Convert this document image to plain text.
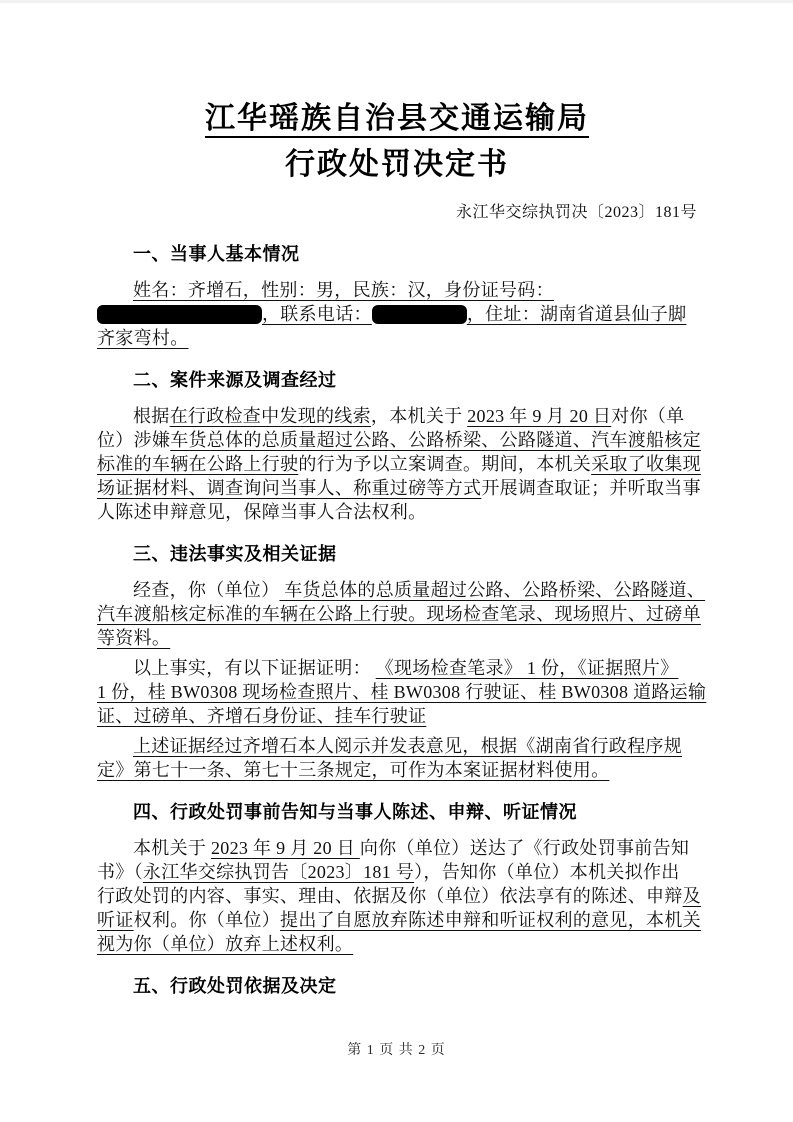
江华瑶族自治县交通运输局
行政处罚决定书
永江华交综执罚决〔2023〕181号
一、当事人基本情况
姓名：齐增石，性别：男，民族：汉，身份证号码：
，联系电话：	，住址：湖南省道县仙子脚
齐家弯村。
二、案件来源及调查经过
根据在行政检查中发现的线索，本机关于 2023 年 9 月 20 日对你（单
位）涉嫌车货总体的总质量超过公路、公路桥梁、公路隧道、汽车渡船核定
标准的车辆在公路上行驶的行为予以立案调查。期间，本机关采取了收集现
场证据材料、调查询问当事人、称重过磅等方式开展调查取证；并听取当事
人陈述申辩意见，保障当事人合法权利。
三、违法事实及相关证据
经查，你（单位） 车货总体的总质量超过公路、公路桥梁、公路隧道、
汽车渡船核定标准的车辆在公路上行驶。现场检查笔录、现场照片、过磅单
等资料。
以上事实，有以下证据证明： 《现场检查笔录》 1 份，《证据照片》
1 份，桂 BW0308 现场检查照片、桂 BW0308 行驶证、桂 BW0308 道路运输
证、过磅单、齐增石身份证、挂车行驶证
上述证据经过齐增石本人阅示并发表意见，根据《湖南省行政程序规
定》第七十一条、第七十三条规定，可作为本案证据材料使用。
四、行政处罚事前告知与当事人陈述、申辩、听证情况
本机关于 2023 年 9 月 20 日 向你（单位）送达了《行政处罚事前告知
书》（永江华交综执罚告〔2023〕181 号），告知你（单位）本机关拟作出
行政处罚的内容、事实、理由、依据及你（单位）依法享有的陈述、申辩及
听证权利。你（单位）提出了自愿放弃陈述申辩和听证权利的意见，本机关
视为你（单位）放弃上述权利。
五、行政处罚依据及决定
第 1 页 共 2 页
